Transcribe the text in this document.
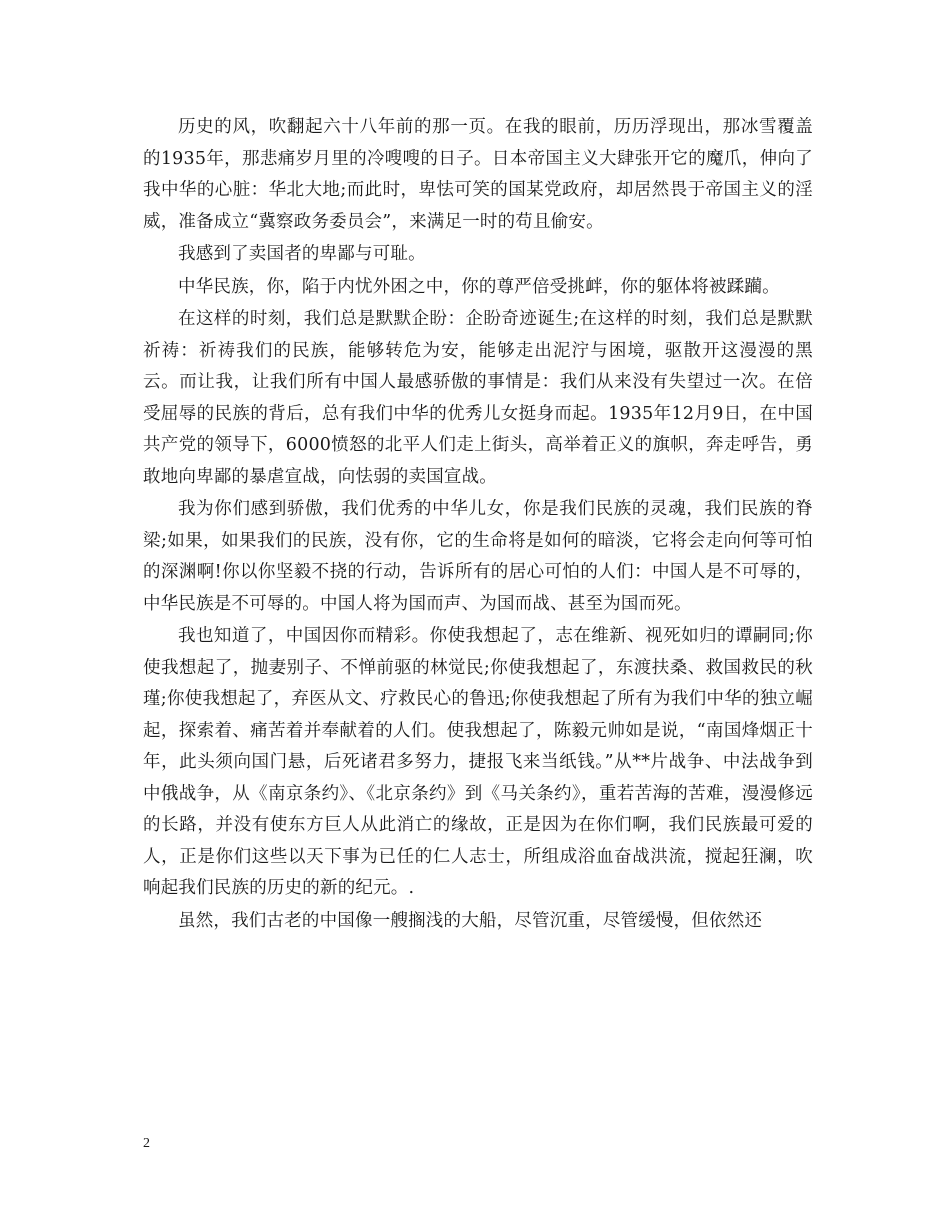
历史的风，吹翻起六十八年前的那一页。在我的眼前，历历浮现出，那冰雪覆盖的1935年，那悲痛岁月里的冷嗖嗖的日子。日本帝国主义大肆张开它的魔爪，伸向了我中华的心脏：华北大地;而此时，卑怯可笑的国某党政府，却居然畏于帝国主义的淫威，准备成立“冀察政务委员会”，来满足一时的苟且偷安。

我感到了卖国者的卑鄙与可耻。

中华民族，你，陷于内忧外困之中，你的尊严倍受挑衅，你的躯体将被蹂躏。

在这样的时刻，我们总是默默企盼：企盼奇迹诞生;在这样的时刻，我们总是默默祈祷：祈祷我们的民族，能够转危为安，能够走出泥泞与困境，驱散开这漫漫的黑云。而让我，让我们所有中国人最感骄傲的事情是：我们从来没有失望过一次。在倍受屈辱的民族的背后，总有我们中华的优秀儿女挺身而起。1935年12月9日，在中国共产党的领导下，6000愤怒的北平人们走上街头，高举着正义的旗帜，奔走呼告，勇敢地向卑鄙的暴虐宣战，向怯弱的卖国宣战。

我为你们感到骄傲，我们优秀的中华儿女，你是我们民族的灵魂，我们民族的脊梁;如果，如果我们的民族，没有你，它的生命将是如何的暗淡，它将会走向何等可怕的深渊啊!你以你坚毅不挠的行动，告诉所有的居心可怕的人们：中国人是不可辱的，中华民族是不可辱的。中国人将为国而声、为国而战、甚至为国而死。

我也知道了，中国因你而精彩。你使我想起了，志在维新、视死如归的谭嗣同;你使我想起了，抛妻别子、不惮前驱的林觉民;你使我想起了，东渡扶桑、救国救民的秋瑾;你使我想起了，弃医从文、疗救民心的鲁迅;你使我想起了所有为我们中华的独立崛起，探索着、痛苦着并奉献着的人们。使我想起了，陈毅元帅如是说，“南国烽烟正十年，此头须向国门悬，后死诸君多努力，捷报飞来当纸钱。”从**片战争、中法战争到中俄战争，从《南京条约》、《北京条约》到《马关条约》，重若苦海的苦难，漫漫修远的长路，并没有使东方巨人从此消亡的缘故，正是因为在你们啊，我们民族最可爱的人，正是你们这些以天下事为已任的仁人志士，所组成浴血奋战洪流，搅起狂澜，吹响起我们民族的历史的新的纪元。.

虽然，我们古老的中国像一艘搁浅的大船，尽管沉重，尽管缓慢，但依然还

2
